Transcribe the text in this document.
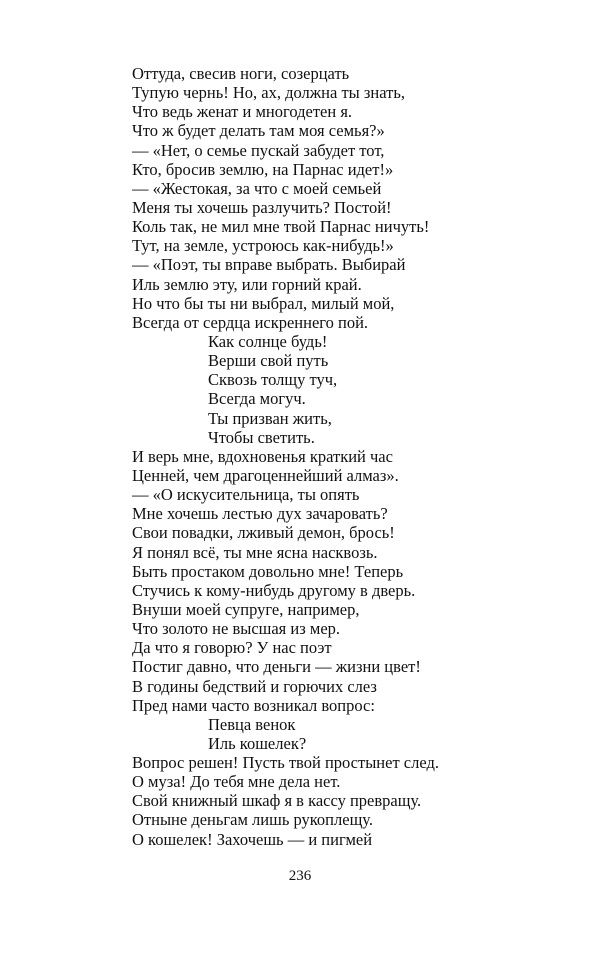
Оттуда, свесив ноги, созерцать
Тупую чернь! Но, ах, должна ты знать,
Что ведь женат и многодетен я.
Что ж будет делать там моя семья?»
— «Нет, о семье пускай забудет тот,
Кто, бросив землю, на Парнас идет!»
— «Жестокая, за что с моей семьей
Меня ты хочешь разлучить? Постой!
Коль так, не мил мне твой Парнас ничуть!
Тут, на земле, устроюсь как-нибудь!»
— «Поэт, ты вправе выбрать. Выбирай
Иль землю эту, или горний край.
Но что бы ты ни выбрал, милый мой,
Всегда от сердца искреннего пой.
Как солнце будь!
Верши свой путь
Сквозь толщу туч,
Всегда могуч.
Ты призван жить,
Чтобы светить.
И верь мне, вдохновенья краткий час
Ценней, чем драгоценнейший алмаз».
— «О искусительница, ты опять
Мне хочешь лестью дух зачаровать?
Свои повадки, лживый демон, брось!
Я понял всё, ты мне ясна насквозь.
Быть простаком довольно мне! Теперь
Стучись к кому-нибудь другому в дверь.
Внуши моей супруге, например,
Что золото не высшая из мер.
Да что я говорю? У нас поэт
Постиг давно, что деньги — жизни цвет!
В годины бедствий и горючих слез
Пред нами часто возникал вопрос:
Певца венок
Иль кошелек?
Вопрос решен! Пусть твой простынет след.
О муза! До тебя мне дела нет.
Свой книжный шкаф я в кассу превращу.
Отныне деньгам лишь рукоплещу.
О кошелек! Захочешь — и пигмей
236
